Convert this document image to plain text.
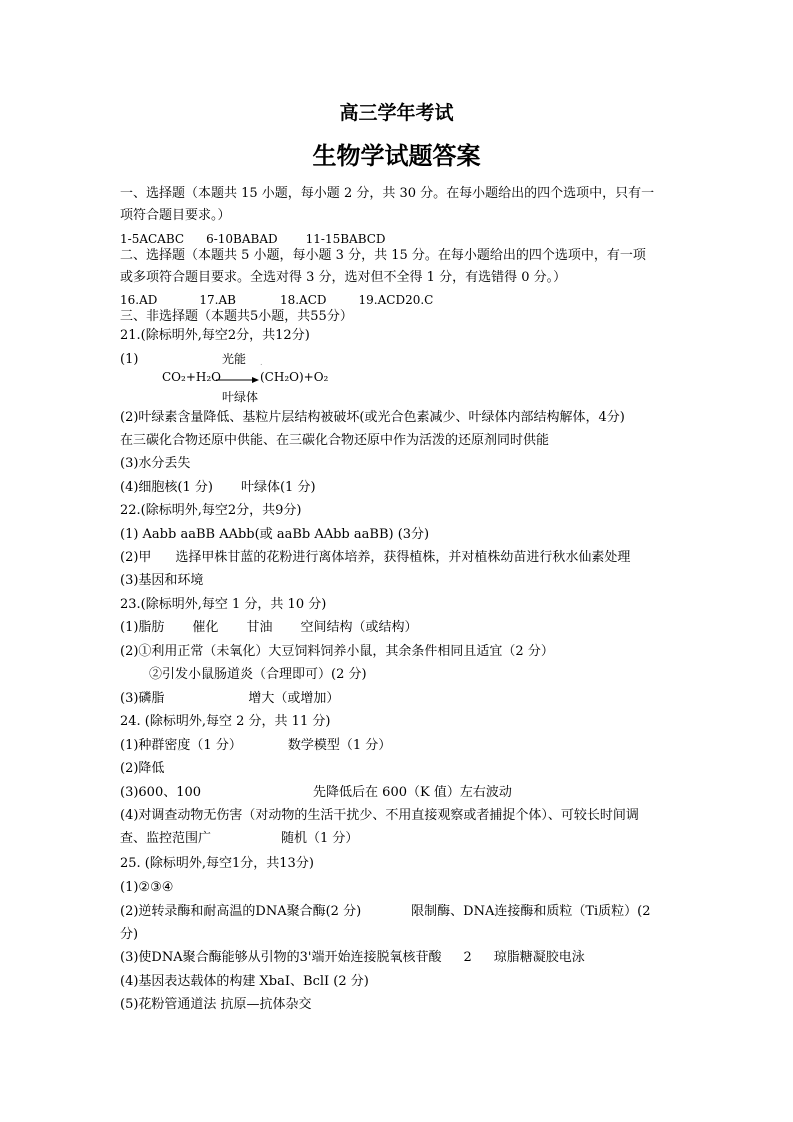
高三学年考试
生物学试题答案
一、选择题（本题共 15 小题，每小题 2 分，共 30 分。在每小题给出的四个选项中，只有一
项符合题目要求。）
1-5ACABC 6-10BABAD 11-15BABCD
二、选择题（本题共 5 小题，每小题 3 分，共 15 分。在每小题给出的四个选项中，有一项
或多项符合题目要求。全选对得 3 分，选对但不全得 1 分，有选错得 0 分。）
16.AD	17.AB	18.ACD	19.ACD20.C
三、非选择题（本题共5小题，共55分）
21.(除标明外,每空2分，共12分)
(1)	光能 .
CO₂+H₂O → (CH₂O)+O₂
叶绿体
(2)叶绿素含量降低、基粒片层结构被破坏(或光合色素减少、叶绿体内部结构解体，4分)
在三碳化合物还原中供能、在三碳化合物还原中作为活泼的还原剂同时供能
(3)水分丢失
(4)细胞核(1 分) 叶绿体(1 分)
22.(除标明外,每空2分，共9分)
(1) Aabb aaBB AAbb(或 aaBb AAbb aaBB) (3分)
(2)甲 选择甲株甘蓝的花粉进行离体培养，获得植株，并对植株幼苗进行秋水仙素处理
(3)基因和环境
23.(除标明外,每空 1 分，共 10 分)
(1)脂肪 催化 甘油 空间结构（或结构）
(2)①利用正常（未氧化）大豆饲料饲养小鼠，其余条件相同且适宜（2 分）
②引发小鼠肠道炎（合理即可）(2 分)
(3)磷脂	增大（或增加）
24. (除标明外,每空 2 分，共 11 分)
(1)种群密度（1 分）	数学模型（1 分）
(2)降低
(3)600、100	先降低后在 600（K 值）左右波动
(4)对调查动物无伤害（对动物的生活干扰少、不用直接观察或者捕捉个体）、可较长时间调
查、监控范围广	随机（1 分）
25. (除标明外,每空1分，共13分)
(1)②③④
(2)逆转录酶和耐高温的DNA聚合酶(2 分)	限制酶、DNA连接酶和质粒（Ti质粒）(2
分)
(3)使DNA聚合酶能够从引物的3'端开始连接脱氧核苷酸 2 琼脂糖凝胶电泳
(4)基因表达载体的构建 XbaI、BclI (2 分)
(5)花粉管通道法 抗原—抗体杂交
